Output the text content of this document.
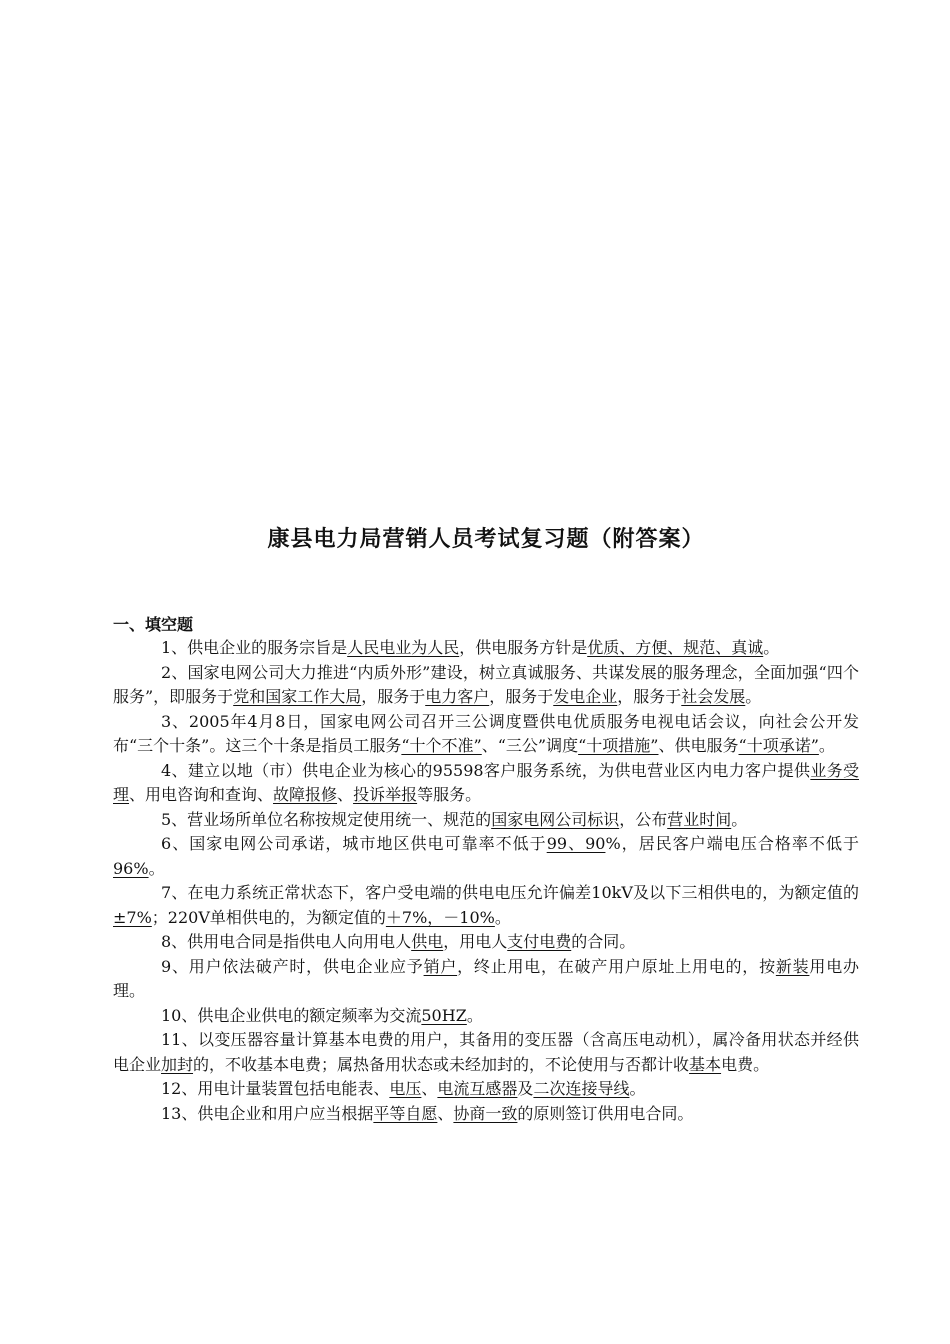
康县电力局营销人员考试复习题（附答案）
一、填空题

1、供电企业的服务宗旨是人民电业为人民，供电服务方针是优质、方便、规范、真诚。

2、国家电网公司大力推进“内质外形”建设，树立真诚服务、共谋发展的服务理念，全面加强“四个服务”，即服务于党和国家工作大局，服务于电力客户，服务于发电企业，服务于社会发展。

3、2005年4月8日，国家电网公司召开三公调度暨供电优质服务电视电话会议，向社会公开发布“三个十条”。这三个十条是指员工服务“十个不准”、“三公”调度“十项措施”、供电服务“十项承诺”。

4、建立以地（市）供电企业为核心的95598客户服务系统，为供电营业区内电力客户提供业务受理、用电咨询和查询、故障报修、投诉举报等服务。

5、营业场所单位名称按规定使用统一、规范的国家电网公司标识，公布营业时间。

6、国家电网公司承诺，城市地区供电可靠率不低于99、90%，居民客户端电压合格率不低于96%。

7、在电力系统正常状态下，客户受电端的供电电压允许偏差10kV及以下三相供电的，为额定值的±7%；220V单相供电的，为额定值的＋7%，－10%。

8、供用电合同是指供电人向用电人供电，用电人支付电费的合同。

9、用户依法破产时，供电企业应予销户，终止用电，在破产用户原址上用电的，按新装用电办理。

10、供电企业供电的额定频率为交流50HZ。

11、以变压器容量计算基本电费的用户，其备用的变压器（含高压电动机），属冷备用状态并经供电企业加封的，不收基本电费；属热备用状态或未经加封的，不论使用与否都计收基本电费。

12、用电计量装置包括电能表、电压、电流互感器及二次连接导线。

13、供电企业和用户应当根据平等自愿、协商一致的原则签订供用电合同。
